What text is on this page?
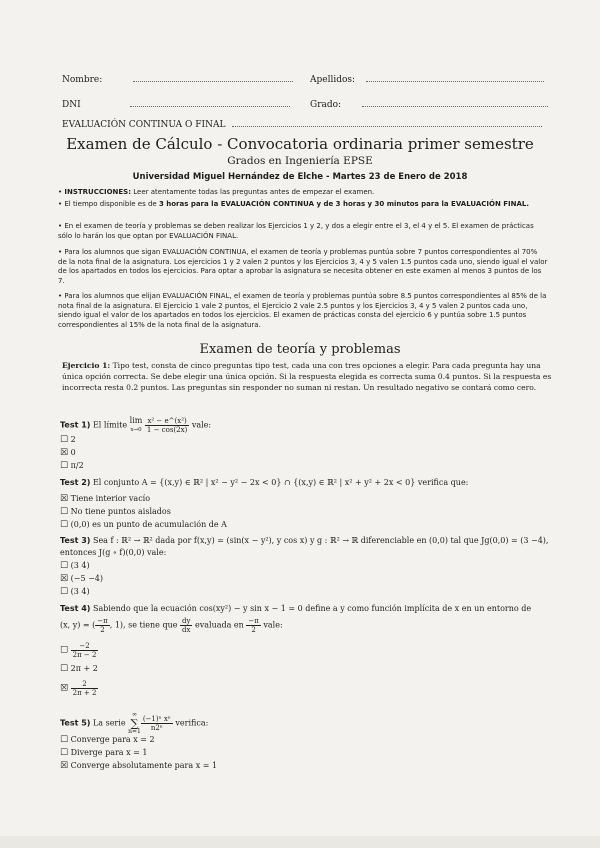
Nombre:	Apellidos:
DNI	Grado:
EVALUACIÓN CONTINUA O FINAL
Examen de Cálculo - Convocatoria ordinaria primer semestre
Grados en Ingeniería EPSE
Universidad Miguel Hernández de Elche - Martes 23 de Enero de 2018
• INSTRUCCIONES: Leer atentamente todas las preguntas antes de empezar el examen.
• El tiempo disponible es de 3 horas para la EVALUACIÓN CONTINUA y de 3 horas y 30 minutos para la EVALUACIÓN FINAL.
• En el examen de teoría y problemas se deben realizar los Ejercicios 1 y 2, y dos a elegir entre el 3, el 4 y el 5. El examen de prácticas sólo lo harán los que optan por EVALUACIÓN FINAL.
• Para los alumnos que sigan EVALUACIÓN CONTINUA, el examen de teoría y problemas puntúa sobre 7 puntos correspondientes al 70% de la nota final de la asignatura. Los ejercicios 1 y 2 valen 2 puntos y los Ejercicios 3, 4 y 5 valen 1.5 puntos cada uno, siendo igual el valor de los apartados en todos los ejercicios. Para optar a aprobar la asignatura se necesita obtener en este examen al menos 3 puntos de los 7.
• Para los alumnos que elijan EVALUACIÓN FINAL, el examen de teoría y problemas puntúa sobre 8.5 puntos correspondientes al 85% de la nota final de la asignatura. El Ejercicio 1 vale 2 puntos, el Ejercicio 2 vale 2.5 puntos y los Ejercicios 3, 4 y 5 valen 2 puntos cada uno, siendo igual el valor de los apartados en todos los ejercicios. El examen de prácticas consta del ejercicio 6 y puntúa sobre 1.5 puntos correspondientes al 15% de la nota final de la asignatura.
Examen de teoría y problemas
Ejercicio 1: Tipo test, consta de cinco preguntas tipo test, cada una con tres opciones a elegir. Para cada pregunta hay una única opción correcta. Se debe elegir una única opción. Si la respuesta elegida es correcta suma 0.4 puntos. Si la respuesta es incorrecta resta 0.2 puntos. Las preguntas sin responder no suman ni restan. Un resultado negativo se contará como cero.
Test 1) El límite lim
$x\to 0 \frac{\text{x² − e\textasciicircum{}(x²)}}{1 - \cos(2x)}$ vale:
☐ 2
☒ 0
☐ π/2
Test 2) El conjunto A = {(x,y) ∈ ℝ² | x² − y² − 2x < 0} ∩ {(x,y) ∈ ℝ² | x² + y² + 2x < 0} verifica que:
☒ Tiene interior vacío
☐ No tiene puntos aislados
☐ (0,0) es un punto de acumulación de A
Test 3) Sea f : ℝ² → ℝ² dada por f(x,y) = (sin(x − y²), y cos x) y g : ℝ² → ℝ diferenciable en (0,0) tal que Jg(0,0) = (3 −4), entonces J(g ∘ f)(0,0) vale:
☐ (3 4)
☒ (−5 −4)
☐ (3 4)
Test 4) Sabiendo que la ecuación cos(xy²) − y sin x − 1 = 0 define a y como función implícita de x en un entorno de
(x, y) = ( $\frac{-\pi}{2}$ , 1), se tiene que $\frac{dy}{dx}$ evaluada en $\frac{-\pi}{2}$ vale:
☐ $\frac{-2}{2\pi - 2}$
☐ 2π + 2
☒ $\frac{2}{2\pi + 2}$
Test 5) La serie ∞
∑
$n=1 \frac{\text{(−1)ⁿ xⁿ}}{\text{n2ⁿ}}$ verifica:
☐ Converge para x = 2
☐ Diverge para x = 1
☒ Converge absolutamente para x = 1
